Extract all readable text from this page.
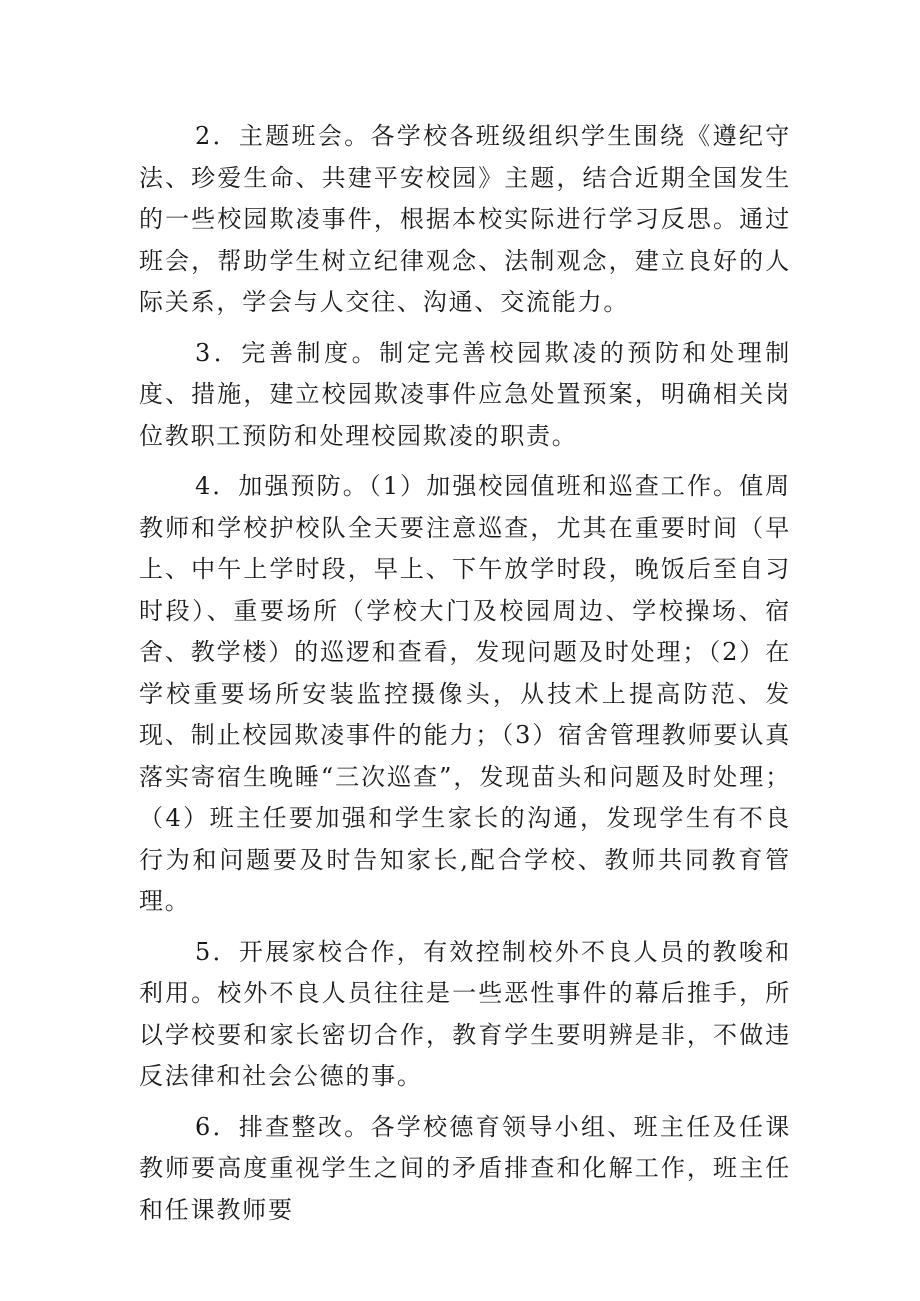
2．主题班会。各学校各班级组织学生围绕《遵纪守法、珍爱生命、共建平安校园》主题，结合近期全国发生的一些校园欺凌事件，根据本校实际进行学习反思。通过班会，帮助学生树立纪律观念、法制观念，建立良好的人际关系，学会与人交往、沟通、交流能力。

3．完善制度。制定完善校园欺凌的预防和处理制度、措施，建立校园欺凌事件应急处置预案，明确相关岗位教职工预防和处理校园欺凌的职责。

4．加强预防。（1）加强校园值班和巡查工作。值周教师和学校护校队全天要注意巡查，尤其在重要时间（早上、中午上学时段，早上、下午放学时段，晚饭后至自习时段）、重要场所（学校大门及校园周边、学校操场、宿舍、教学楼）的巡逻和查看，发现问题及时处理；（2）在学校重要场所安装监控摄像头，从技术上提高防范、发现、制止校园欺凌事件的能力；（3）宿舍管理教师要认真落实寄宿生晚睡“三次巡查”，发现苗头和问题及时处理；（4）班主任要加强和学生家长的沟通，发现学生有不良行为和问题要及时告知家长,配合学校、教师共同教育管理。

5．开展家校合作，有效控制校外不良人员的教唆和利用。校外不良人员往往是一些恶性事件的幕后推手，所以学校要和家长密切合作，教育学生要明辨是非，不做违反法律和社会公德的事。

6．排查整改。各学校德育领导小组、班主任及任课教师要高度重视学生之间的矛盾排查和化解工作，班主任和任课教师要
